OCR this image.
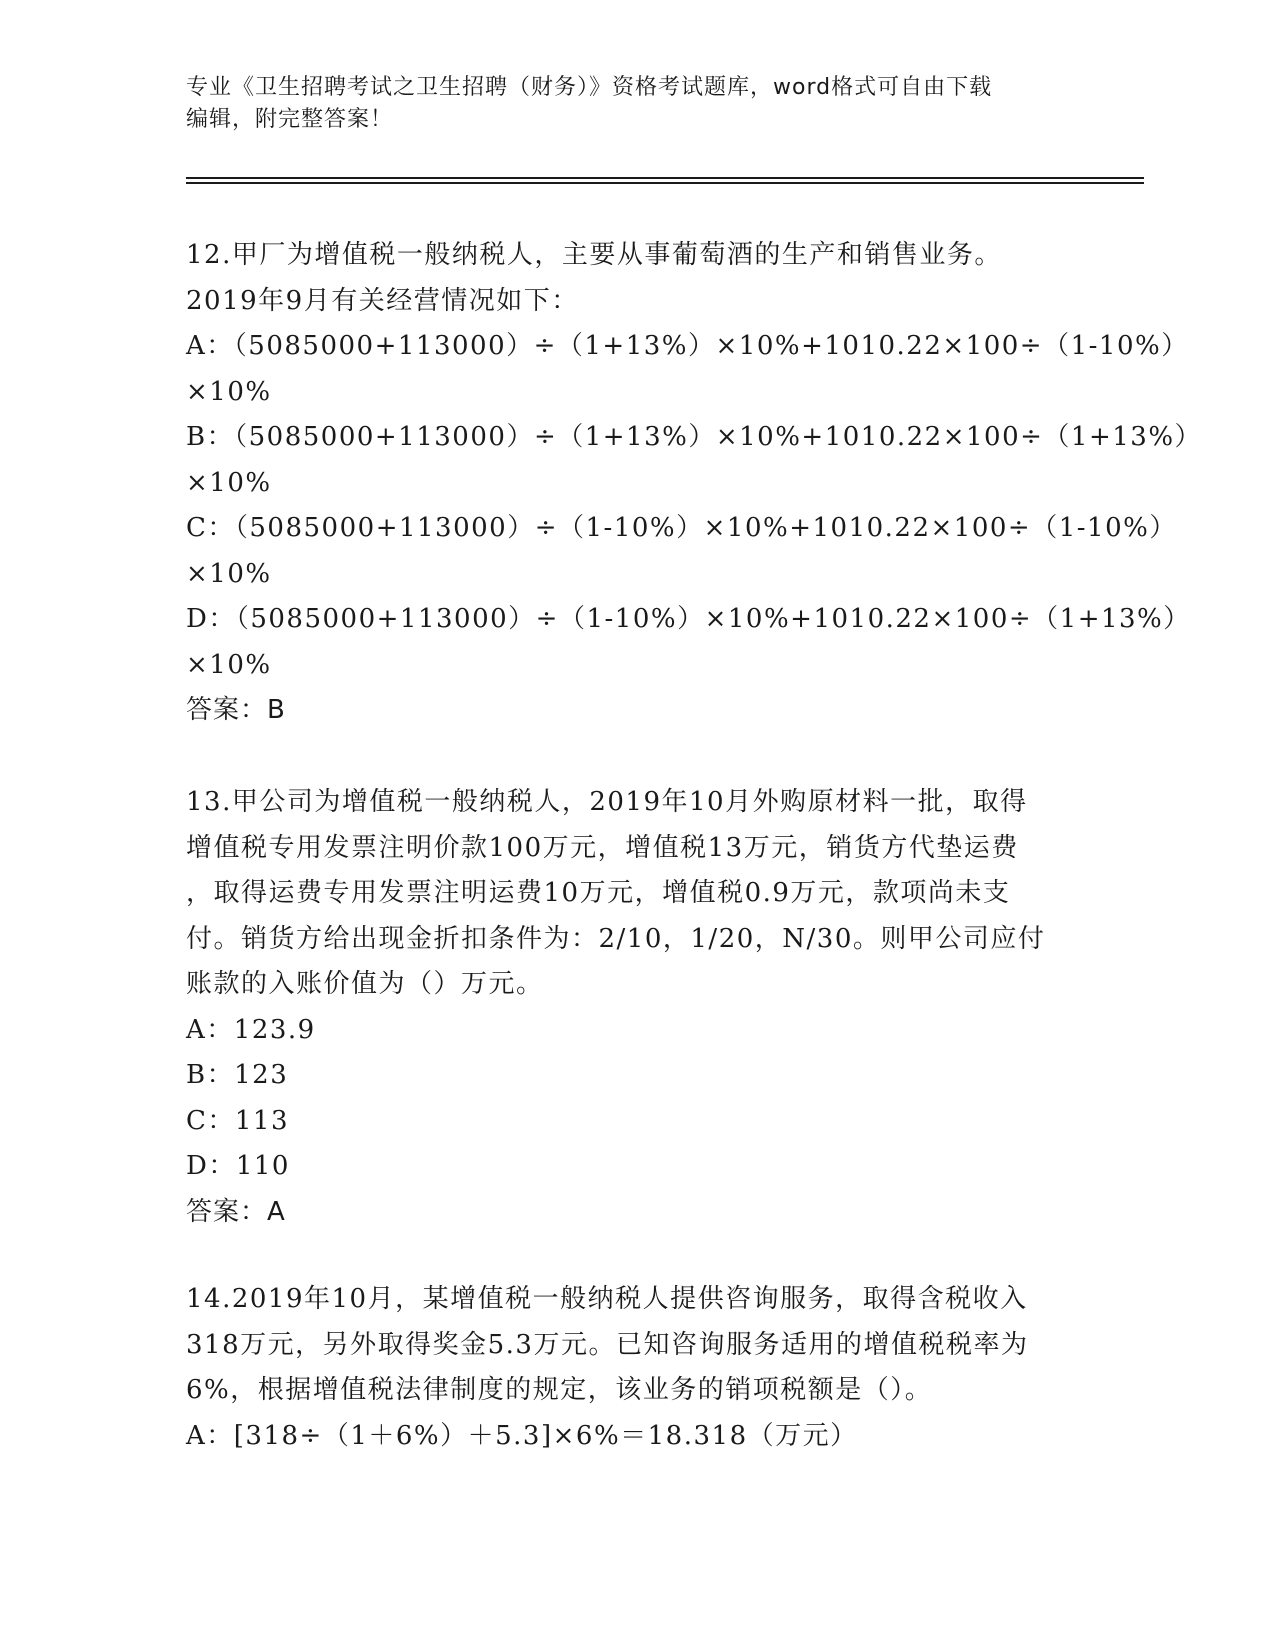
专业《卫生招聘考试之卫生招聘（财务）》资格考试题库，word格式可自由下载
编辑，附完整答案！
12.甲厂为增值税一般纳税人，主要从事葡萄酒的生产和销售业务。
2019年9月有关经营情况如下：
A：（5085000+113000）÷（1+13%）×10%+1010.22×100÷（1-10%）
×10%
B：（5085000+113000）÷（1+13%）×10%+1010.22×100÷（1+13%）
×10%
C：（5085000+113000）÷（1-10%）×10%+1010.22×100÷（1-10%）
×10%
D：（5085000+113000）÷（1-10%）×10%+1010.22×100÷（1+13%）
×10%
答案：B
13.甲公司为增值税一般纳税人，2019年10月外购原材料一批，取得
增值税专用发票注明价款100万元，增值税13万元，销货方代垫运费
，取得运费专用发票注明运费10万元，增值税0.9万元，款项尚未支
付。销货方给出现金折扣条件为：2/10，1/20，N/30。则甲公司应付
账款的入账价值为（）万元。
A：123.9
B：123
C：113
D：110
答案：A
14.2019年10月，某增值税一般纳税人提供咨询服务，取得含税收入
318万元，另外取得奖金5.3万元。已知咨询服务适用的增值税税率为
6%，根据增值税法律制度的规定，该业务的销项税额是（）。
A：[318÷（1＋6%）＋5.3]×6%＝18.318（万元）
